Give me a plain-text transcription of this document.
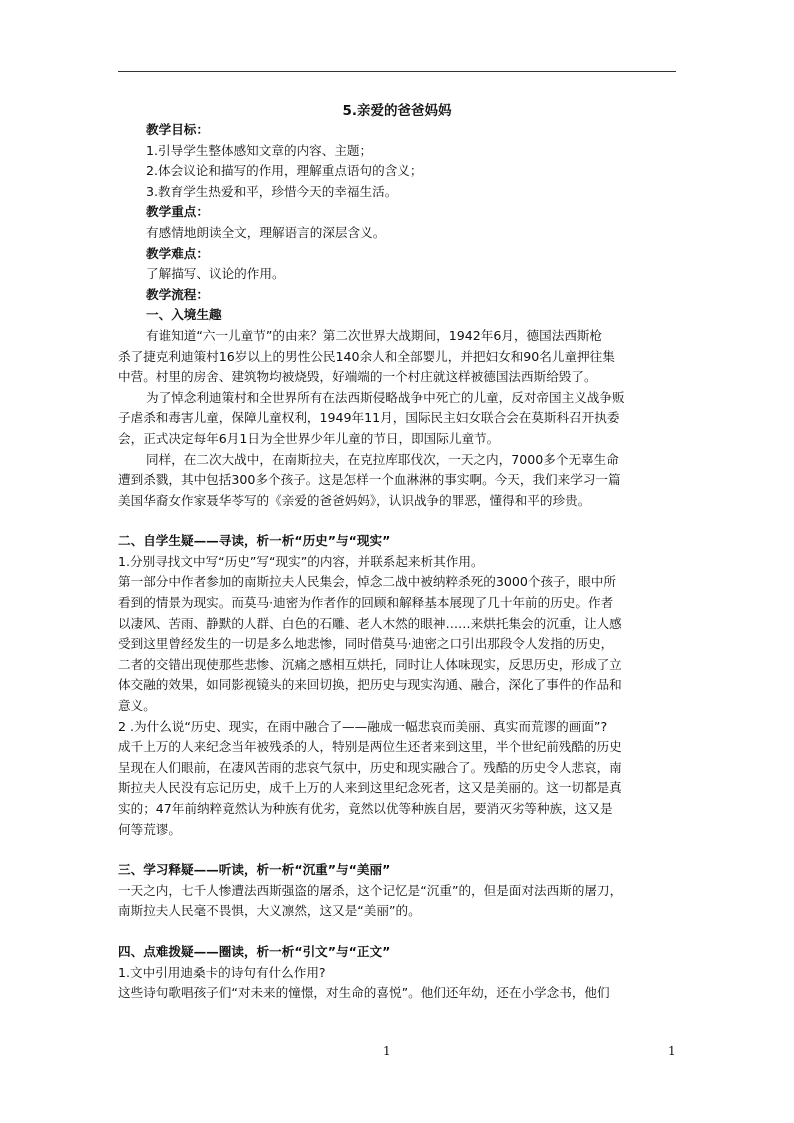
5.亲爱的爸爸妈妈

教学目标：

1.引导学生整体感知文章的内容、主题；

2.体会议论和描写的作用，理解重点语句的含义；

3.教育学生热爱和平，珍惜今天的幸福生活。

教学重点：

有感情地朗读全文，理解语言的深层含义。

教学难点：

了解描写、议论的作用。

教学流程：

一、入境生趣

有谁知道“六一儿童节”的由来？第二次世界大战期间，1942年6月，德国法西斯枪

杀了捷克利迪策村16岁以上的男性公民140余人和全部婴儿，并把妇女和90名儿童押往集

中营。村里的房舍、建筑物均被烧毁，好端端的一个村庄就这样被德国法西斯给毁了。

为了悼念利迪策村和全世界所有在法西斯侵略战争中死亡的儿童，反对帝国主义战争贩

子虐杀和毒害儿童，保障儿童权利，1949年11月，国际民主妇女联合会在莫斯科召开执委

会，正式决定每年6月1日为全世界少年儿童的节日，即国际儿童节。

同样，在二次大战中，在南斯拉夫，在克拉库耶伐次，一天之内，7000多个无辜生命

遭到杀戮，其中包括300多个孩子。这是怎样一个血淋淋的事实啊。今天，我们来学习一篇

美国华裔女作家聂华苓写的《亲爱的爸爸妈妈》，认识战争的罪恶，懂得和平的珍贵。

二、自学生疑——寻读，析一析“历史”与“现实”

1.分别寻找文中写“历史”写“现实”的内容，并联系起来析其作用。

第一部分中作者参加的南斯拉夫人民集会，悼念二战中被纳粹杀死的3000个孩子，眼中所

看到的情景为现实。而莫马·迪密为作者作的回顾和解释基本展现了几十年前的历史。作者

以凄风、苦雨、静默的人群、白色的石雕、老人木然的眼神……来烘托集会的沉重，让人感

受到这里曾经发生的一切是多么地悲惨，同时借莫马·迪密之口引出那段令人发指的历史，

二者的交错出现使那些悲惨、沉痛之感相互烘托，同时让人体味现实，反思历史，形成了立

体交融的效果，如同影视镜头的来回切换，把历史与现实沟通、融合，深化了事件的作品和

意义。

2 .为什么说“历史、现实，在雨中融合了——融成一幅悲哀而美丽、真实而荒谬的画面”?

成千上万的人来纪念当年被残杀的人，特别是两位生还者来到这里，半个世纪前残酷的历史

呈现在人们眼前，在凄风苦雨的悲哀气氛中，历史和现实融合了。残酷的历史令人悲哀，南

斯拉夫人民没有忘记历史，成千上万的人来到这里纪念死者，这又是美丽的。这一切都是真

实的；47年前纳粹竟然认为种族有优劣，竟然以优等种族自居，要消灭劣等种族，这又是

何等荒谬。

三、学习释疑——听读，析一析“沉重”与“美丽”

一天之内，七千人惨遭法西斯强盗的屠杀，这个记忆是“沉重”的，但是面对法西斯的屠刀，

南斯拉夫人民毫不畏惧，大义凛然，这又是“美丽”的。

四、点难拨疑——圈读，析一析“引文”与“正文”

1.文中引用迪桑卡的诗句有什么作用?

这些诗句歌唱孩子们“对未来的憧憬，对生命的喜悦”。他们还年幼，还在小学念书，他们

1	1
